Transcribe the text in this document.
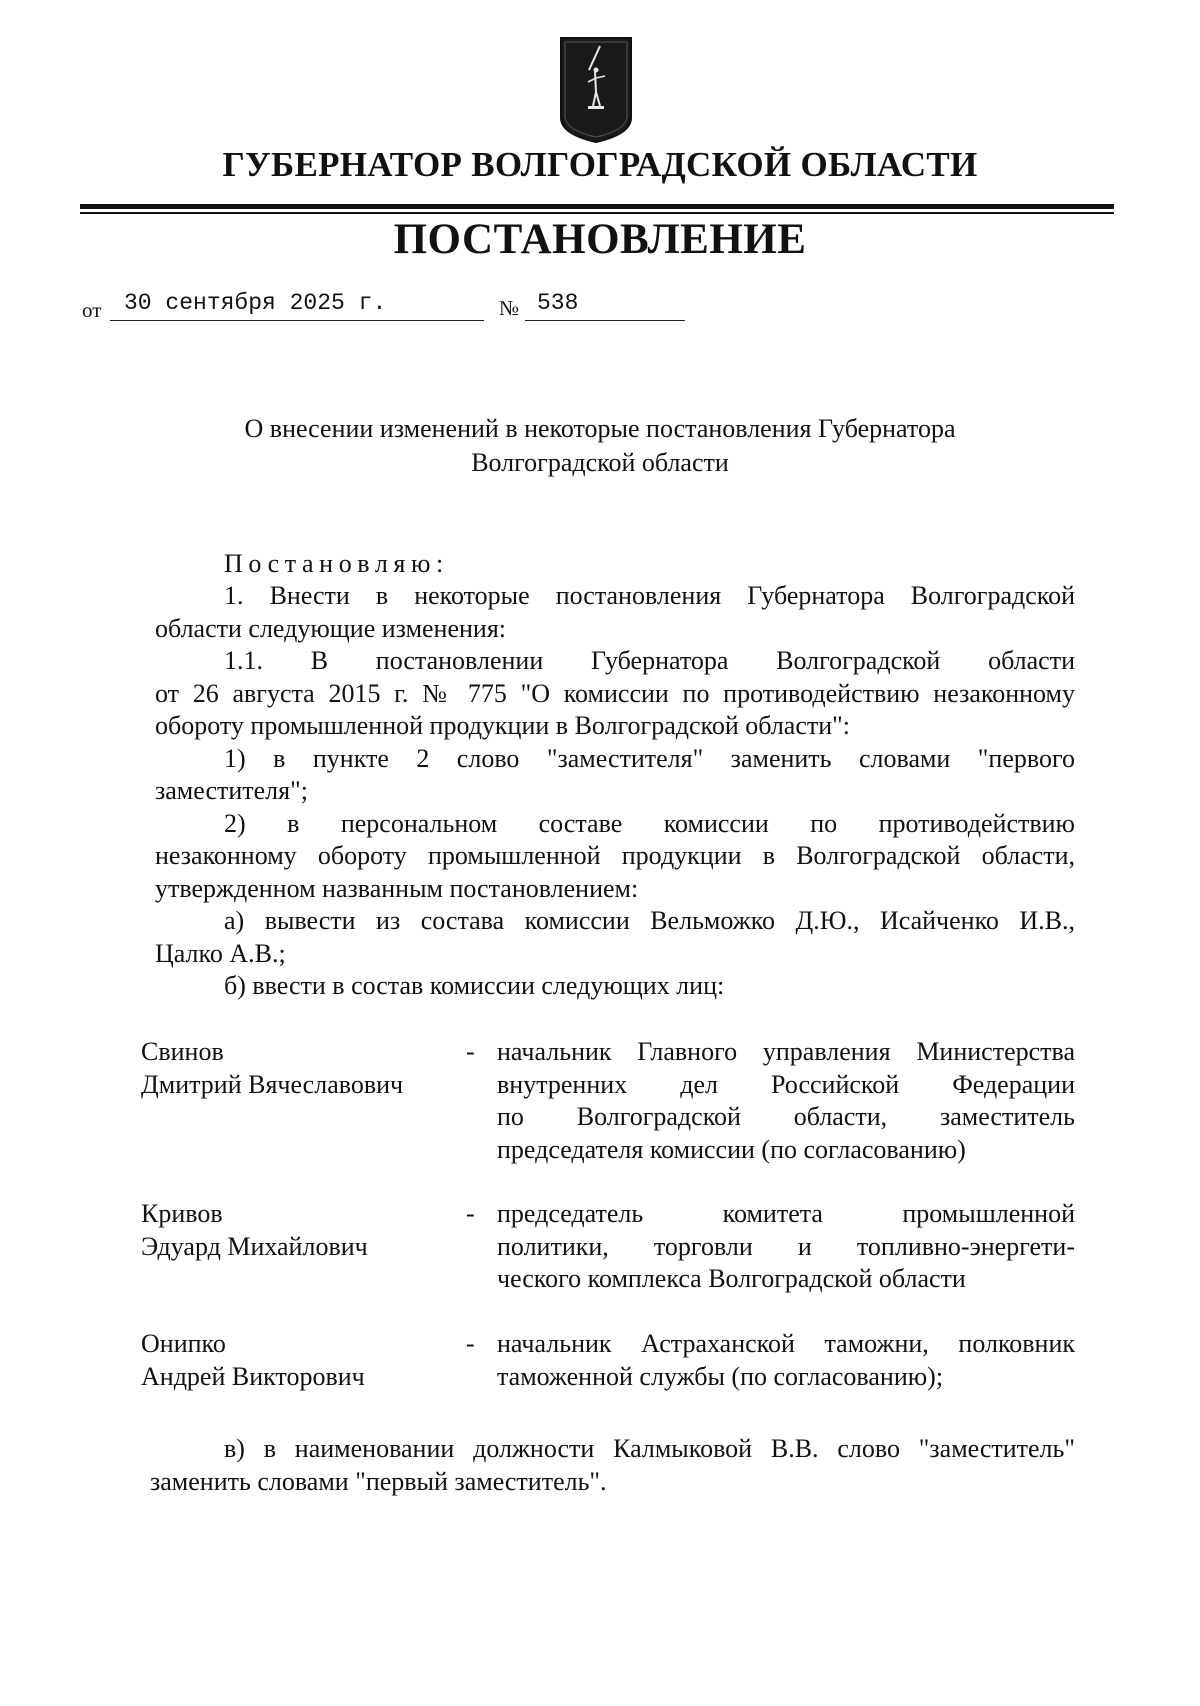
ГУБЕРНАТОР ВОЛГОГРАДСКОЙ ОБЛАСТИ
ПОСТАНОВЛЕНИЕ
от 30 сентября 2025 г.	№ 538
О внесении изменений в некоторые постановления Губернатора
Волгоградской области
Постановляю:
1. Внести в некоторые постановления Губернатора Волгоградской
области следующие изменения:
1.1. В постановлении Губернатора Волгоградской области
от 26 августа 2015 г. № 775 "О комиссии по противодействию незаконному
обороту промышленной продукции в Волгоградской области":
1) в пункте 2 слово "заместителя" заменить словами "первого
заместителя";
2) в персональном составе комиссии по противодействию
незаконному обороту промышленной продукции в Волгоградской области,
утвержденном названным постановлением:
а) вывести из состава комиссии Вельможко Д.Ю., Исайченко И.В.,
Цалко А.В.;
б) ввести в состав комиссии следующих лиц:
Свинов
Дмитрий Вячеславович
- начальник Главного управления Министерства
внутренних дел Российской Федерации
по Волгоградской области, заместитель
председателя комиссии (по согласованию)
Кривов
Эдуард Михайлович
- председатель комитета промышленной
политики, торговли и топливно-энергети-
ческого комплекса Волгоградской области
Онипко
Андрей Викторович
- начальник Астраханской таможни, полковник
таможенной службы (по согласованию);
в) в наименовании должности Калмыковой В.В. слово "заместитель"
заменить словами "первый заместитель".
